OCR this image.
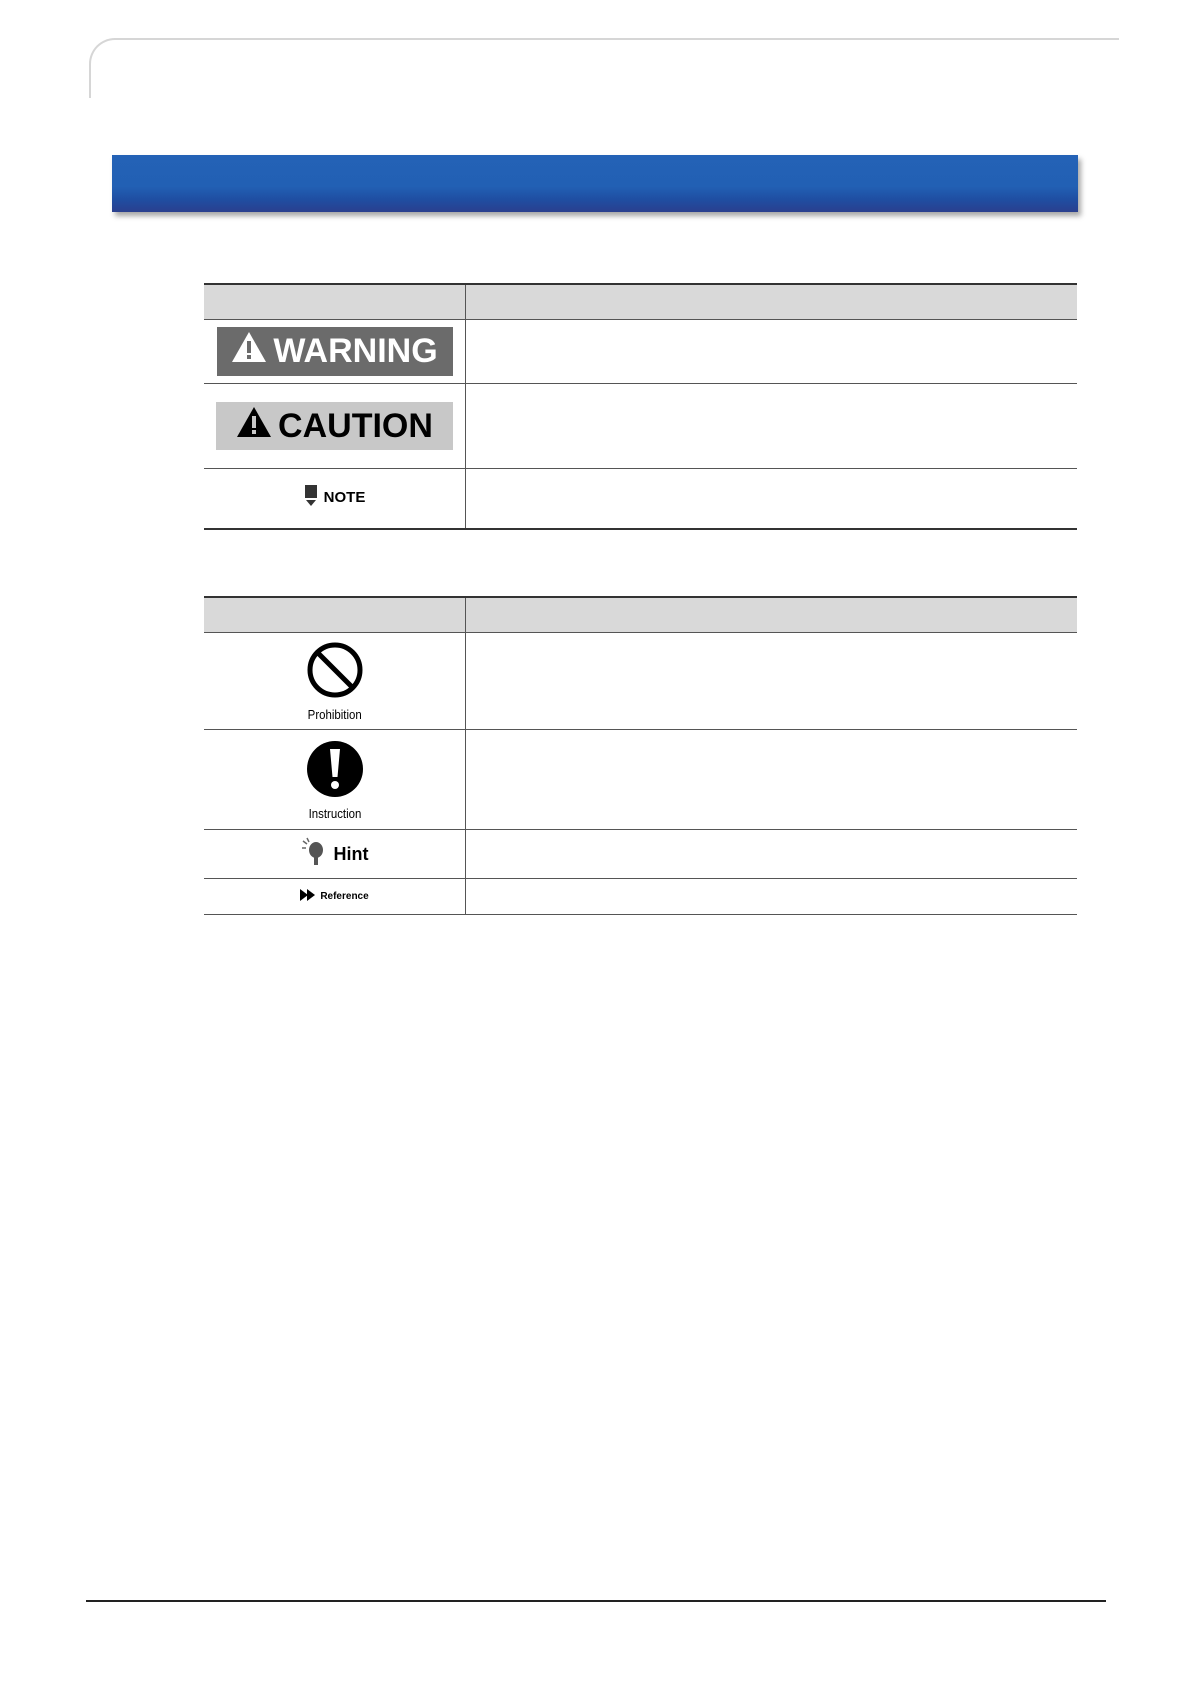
WARNING	

CAUTION	

NOTE	

Prohibition	

Instruction	

Hint	

Reference	
